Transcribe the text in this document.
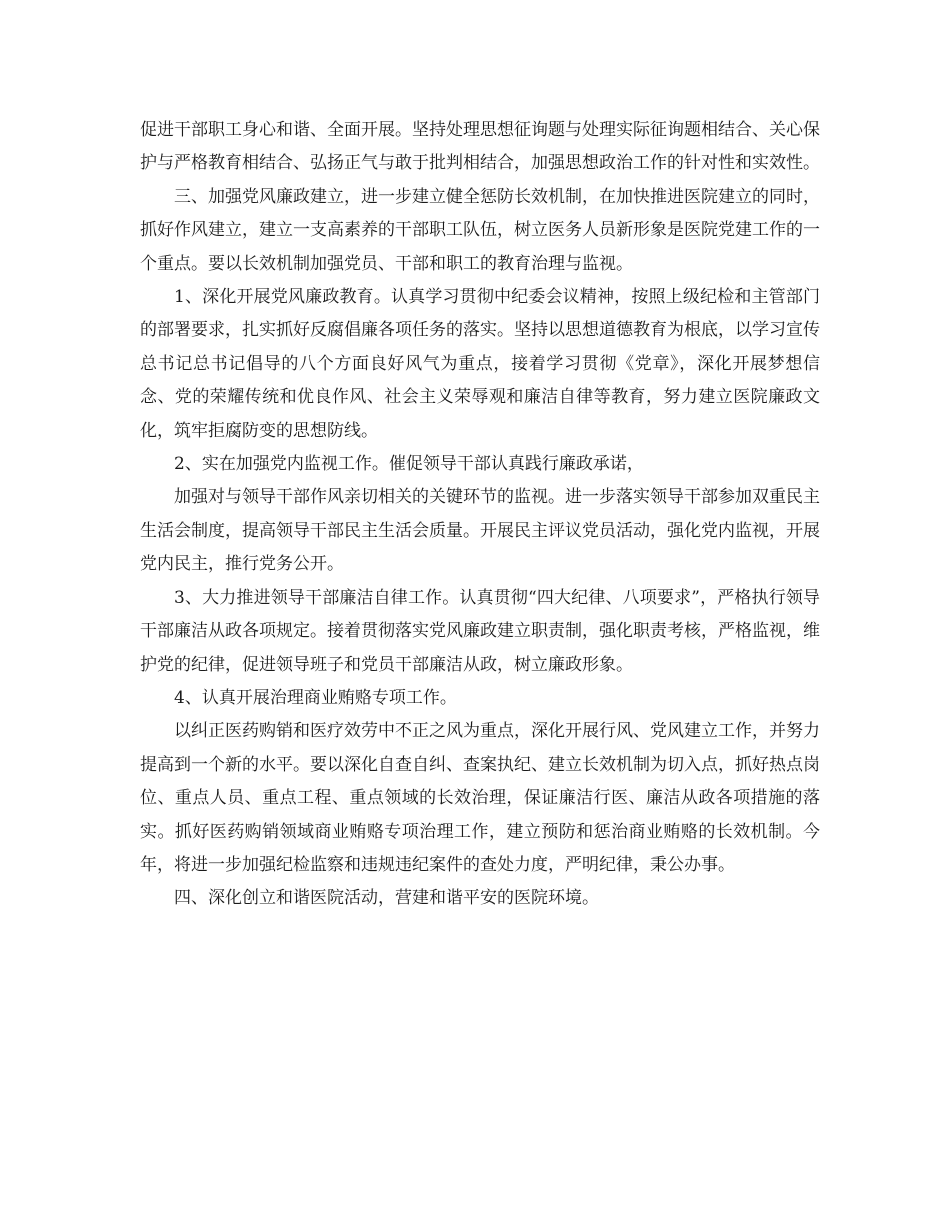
促进干部职工身心和谐、全面开展。坚持处理思想征询题与处理实际征询题相结合、关心保护与严格教育相结合、弘扬正气与敢于批判相结合，加强思想政治工作的针对性和实效性。

三、加强党风廉政建立，进一步建立健全惩防长效机制，在加快推进医院建立的同时，抓好作风建立，建立一支高素养的干部职工队伍，树立医务人员新形象是医院党建工作的一个重点。要以长效机制加强党员、干部和职工的教育治理与监视。

1、深化开展党风廉政教育。认真学习贯彻中纪委会议精神，按照上级纪检和主管部门的部署要求，扎实抓好反腐倡廉各项任务的落实。坚持以思想道德教育为根底，以学习宣传总书记总书记倡导的八个方面良好风气为重点，接着学习贯彻《党章》，深化开展梦想信念、党的荣耀传统和优良作风、社会主义荣辱观和廉洁自律等教育，努力建立医院廉政文化，筑牢拒腐防变的思想防线。

2、实在加强党内监视工作。催促领导干部认真践行廉政承诺，

加强对与领导干部作风亲切相关的关键环节的监视。进一步落实领导干部参加双重民主生活会制度，提高领导干部民主生活会质量。开展民主评议党员活动，强化党内监视，开展党内民主，推行党务公开。

3、大力推进领导干部廉洁自律工作。认真贯彻“四大纪律、八项要求”，严格执行领导干部廉洁从政各项规定。接着贯彻落实党风廉政建立职责制，强化职责考核，严格监视，维护党的纪律，促进领导班子和党员干部廉洁从政，树立廉政形象。

4、认真开展治理商业贿赂专项工作。

以纠正医药购销和医疗效劳中不正之风为重点，深化开展行风、党风建立工作，并努力提高到一个新的水平。要以深化自查自纠、查案执纪、建立长效机制为切入点，抓好热点岗位、重点人员、重点工程、重点领域的长效治理，保证廉洁行医、廉洁从政各项措施的落实。抓好医药购销领域商业贿赂专项治理工作，建立预防和惩治商业贿赂的长效机制。今年，将进一步加强纪检监察和违规违纪案件的查处力度，严明纪律，秉公办事。

四、深化创立和谐医院活动，营建和谐平安的医院环境。
